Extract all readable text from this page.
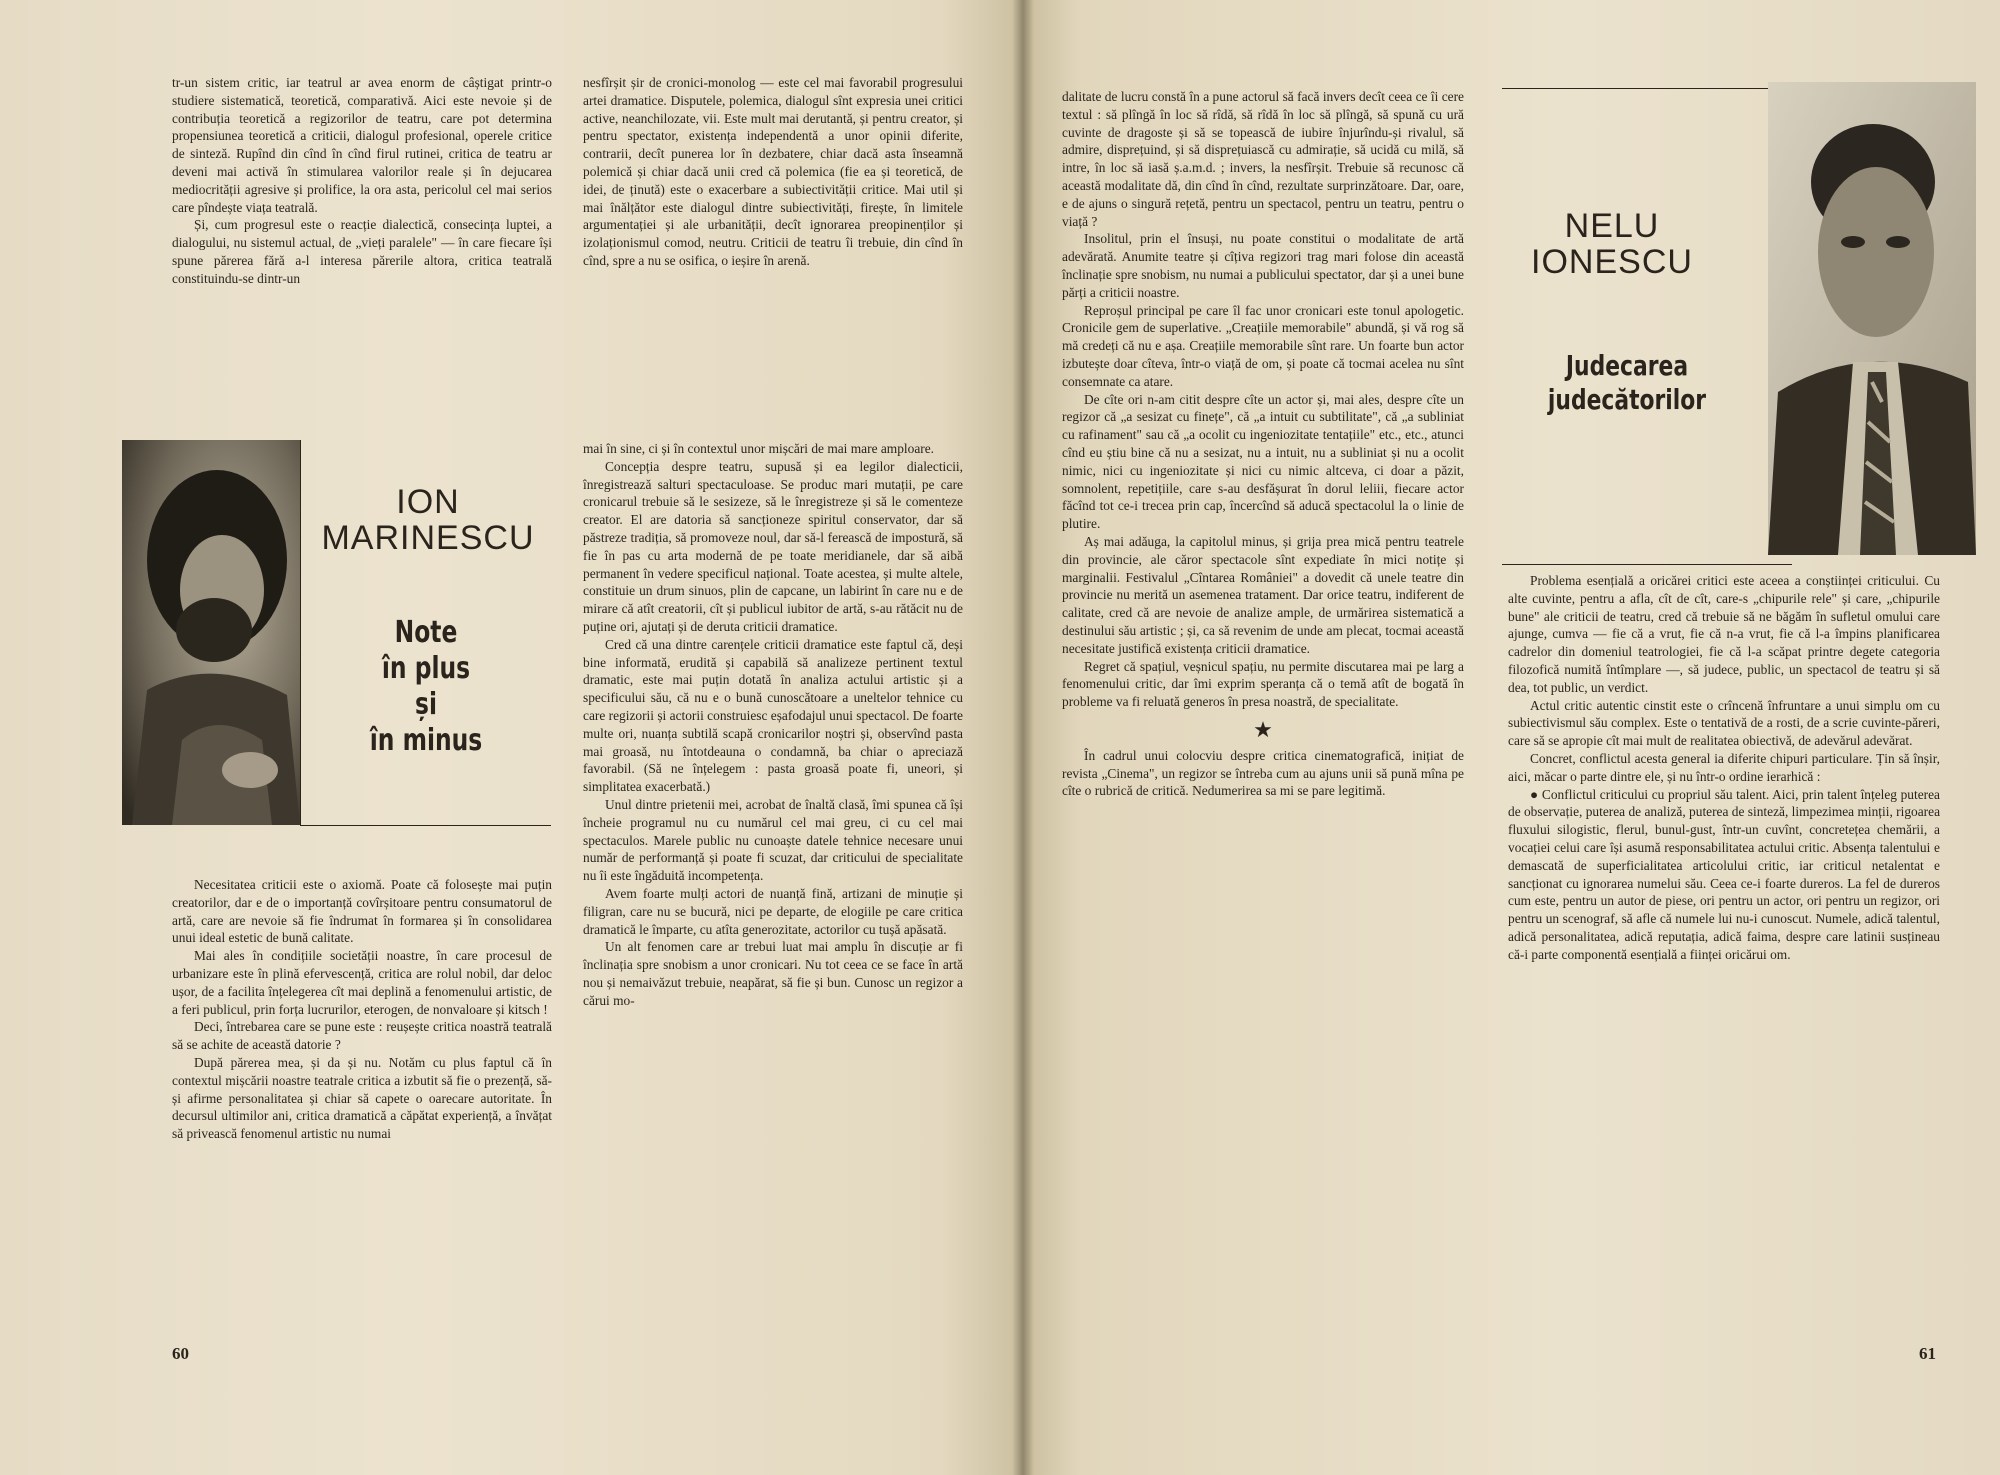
tr-un sistem critic, iar teatrul ar avea enorm de câștigat printr-o studiere sistematică, teoretică, comparativă. Aici este nevoie și de contribuția teoretică a regizorilor de teatru, care pot determina propensiunea teoretică a criticii, dialogul profesional, operele critice de sinteză. Rupînd din cînd în cînd firul rutinei, critica de teatru ar deveni mai activă în stimularea valorilor reale și în dejucarea mediocrității agresive și prolifice, la ora asta, pericolul cel mai serios care pîndește viața teatrală.

Și, cum progresul este o reacție dialectică, consecința luptei, a dialogului, nu sistemul actual, de „vieți paralele" — în care fiecare își spune părerea fără a-l interesa părerile altora, critica teatrală constituindu-se dintr-un

nesfîrșit șir de cronici-monolog — este cel mai favorabil progresului artei dramatice. Disputele, polemica, dialogul sînt expresia unei critici active, neanchilozate, vii. Este mult mai derutantă, și pentru creator, și pentru spectator, existența independentă a unor opinii diferite, contrarii, decît punerea lor în dezbatere, chiar dacă asta înseamnă polemică și chiar dacă unii cred că polemica (fie ea și teoretică, de idei, de ținută) este o exacerbare a subiectivității critice. Mai util și mai înălțător este dialogul dintre subiectivități, firește, în limitele argumentației și ale urbanității, decît ignorarea preopinenților și izolaționismul comod, neutru. Criticii de teatru îi trebuie, din cînd în cînd, spre a nu se osifica, o ieșire în arenă.

ION MARINESCU
Note
în plus
și
în minus

Necesitatea criticii este o axiomă. Poate că folosește mai puțin creatorilor, dar e de o importanță covîrșitoare pentru consumatorul de artă, care are nevoie să fie îndrumat în formarea și în consolidarea unui ideal estetic de bună calitate.

Mai ales în condițiile societății noastre, în care procesul de urbanizare este în plină efervescență, critica are rolul nobil, dar deloc ușor, de a facilita înțelegerea cît mai deplină a fenomenului artistic, de a feri publicul, prin forța lucrurilor, eterogen, de nonvaloare și kitsch !

Deci, întrebarea care se pune este : reușește critica noastră teatrală să se achite de această datorie ?

După părerea mea, și da și nu. Notăm cu plus faptul că în contextul mișcării noastre teatrale critica a izbutit să fie o prezență, să-și afirme personalitatea și chiar să capete o oarecare autoritate. În decursul ultimilor ani, critica dramatică a căpătat experiență, a învățat să privească fenomenul artistic nu numai

mai în sine, ci și în contextul unor mișcări de mai mare amploare.

Concepția despre teatru, supusă și ea legilor dialecticii, înregistrează salturi spectaculoase. Se produc mari mutații, pe care cronicarul trebuie să le sesizeze, să le înregistreze și să le comenteze creator. El are datoria să sancționeze spiritul conservator, dar să păstreze tradiția, să promoveze noul, dar să-l ferească de impostură, să fie în pas cu arta modernă de pe toate meridianele, dar să aibă permanent în vedere specificul național. Toate acestea, și multe altele, constituie un drum sinuos, plin de capcane, un labirint în care nu e de mirare că atît creatorii, cît și publicul iubitor de artă, s-au rătăcit nu de puține ori, ajutați și de deruta criticii dramatice.

Cred că una dintre carențele criticii dramatice este faptul că, deși bine informată, erudită și capabilă să analizeze pertinent textul dramatic, este mai puțin dotată în analiza actului artistic și a specificului său, că nu e o bună cunoscătoare a uneltelor tehnice cu care regizorii și actorii construiesc eșafodajul unui spectacol. De foarte multe ori, nuanța subtilă scapă cronicarilor noștri și, observînd pasta mai groasă, nu întotdeauna o condamnă, ba chiar o apreciază favorabil. (Să ne înțelegem : pasta groasă poate fi, uneori, și simplitatea exacerbată.)

Unul dintre prietenii mei, acrobat de înaltă clasă, îmi spunea că își încheie programul nu cu numărul cel mai greu, ci cu cel mai spectaculos. Marele public nu cunoaște datele tehnice necesare unui număr de performanță și poate fi scuzat, dar criticului de specialitate nu îi este îngăduită incompetența.

Avem foarte mulți actori de nuanță fină, artizani de minuție și filigran, care nu se bucură, nici pe departe, de elogiile pe care critica dramatică le împarte, cu atîta generozitate, actorilor cu tușă apăsată.

Un alt fenomen care ar trebui luat mai amplu în discuție ar fi înclinația spre snobism a unor cronicari. Nu tot ceea ce se face în artă nou și nemaivăzut trebuie, neapărat, să fie și bun. Cunosc un regizor a cărui mo-

60

dalitate de lucru constă în a pune actorul să facă invers decît ceea ce îi cere textul : să plîngă în loc să rîdă, să rîdă în loc să plîngă, să spună cu ură cuvinte de dragoste și să se topească de iubire înjurîndu-și rivalul, să admire, disprețuind, și să disprețuiască cu admirație, să ucidă cu milă, să intre, în loc să iasă ș.a.m.d. ; invers, la nesfîrșit. Trebuie să recunosc că această modalitate dă, din cînd în cînd, rezultate surprinzătoare. Dar, oare, e de ajuns o singură rețetă, pentru un spectacol, pentru un teatru, pentru o viață ?

Insolitul, prin el însuși, nu poate constitui o modalitate de artă adevărată. Anumite teatre și cîțiva regizori trag mari folose din această înclinație spre snobism, nu numai a publicului spectator, dar și a unei bune părți a criticii noastre.

Reproșul principal pe care îl fac unor cronicari este tonul apologetic. Cronicile gem de superlative. „Creațiile memorabile" abundă, și vă rog să mă credeți că nu e așa. Creațiile memorabile sînt rare. Un foarte bun actor izbutește doar cîteva, într-o viață de om, și poate că tocmai acelea nu sînt consemnate ca atare.

De cîte ori n-am citit despre cîte un actor și, mai ales, despre cîte un regizor că „a sesizat cu finețe", că „a intuit cu subtilitate", că „a subliniat cu rafinament" sau că „a ocolit cu ingeniozitate tentațiile" etc., etc., atunci cînd eu știu bine că nu a sesizat, nu a intuit, nu a subliniat și nu a ocolit nimic, nici cu ingeniozitate și nici cu nimic altceva, ci doar a păzit, somnolent, repetițiile, care s-au desfășurat în dorul leliii, fiecare actor făcînd tot ce-i trecea prin cap, încercînd să aducă spectacolul la o linie de plutire.

Aș mai adăuga, la capitolul minus, și grija prea mică pentru teatrele din provincie, ale căror spectacole sînt expediate în mici notițe și marginalii. Festivalul „Cîntarea României" a dovedit că unele teatre din provincie nu merită un asemenea tratament. Dar orice teatru, indiferent de calitate, cred că are nevoie de analize ample, de urmărirea sistematică a destinului său artistic ; și, ca să revenim de unde am plecat, tocmai această necesitate justifică existența criticii dramatice.

Regret că spațiul, veșnicul spațiu, nu permite discutarea mai pe larg a fenomenului critic, dar îmi exprim speranța că o temă atît de bogată în probleme va fi reluată generos în presa noastră, de specialitate.

★

În cadrul unui colocviu despre critica cinematografică, inițiat de revista „Cinema", un regizor se întreba cum au ajuns unii să pună mîna pe cîte o rubrică de critică. Nedumerirea sa mi se pare legitimă.

NELU IONESCU
Judecarea
judecătorilor

Problema esențială a oricărei critici este aceea a conștiinței criticului. Cu alte cuvinte, pentru a afla, cît de cît, care-s „chipurile rele" și care, „chipurile bune" ale criticii de teatru, cred că trebuie să ne băgăm în sufletul omului care ajunge, cumva — fie că a vrut, fie că n-a vrut, fie că l-a împins planificarea cadrelor din domeniul teatrologiei, fie că l-a scăpat printre degete categoria filozofică numită întîmplare —, să judece, public, un spectacol de teatru și să dea, tot public, un verdict.

Actul critic autentic cinstit este o crîncenă înfruntare a unui simplu om cu subiectivismul său complex. Este o tentativă de a rosti, de a scrie cuvinte-păreri, care să se apropie cît mai mult de realitatea obiectivă, de adevărul adevărat.

Concret, conflictul acesta general ia diferite chipuri particulare. Țin să înșir, aici, măcar o parte dintre ele, și nu într-o ordine ierarhică :

● Conflictul criticului cu propriul său talent. Aici, prin talent înțeleg puterea de observație, puterea de analiză, puterea de sinteză, limpezimea minții, rigoarea fluxului silogistic, flerul, bunul-gust, într-un cuvînt, concretețea chemării, a vocației celui care își asumă responsabilitatea actului critic. Absența talentului e demascată de superficialitatea articolului critic, iar criticul netalentat e sancționat cu ignorarea numelui său. Ceea ce-i foarte dureros. La fel de dureros cum este, pentru un autor de piese, ori pentru un actor, ori pentru un regizor, ori pentru un scenograf, să afle că numele lui nu-i cunoscut. Numele, adică talentul, adică personalitatea, adică reputația, adică faima, despre care latinii susțineau că-i parte componentă esențială a ființei oricărui om.

61
